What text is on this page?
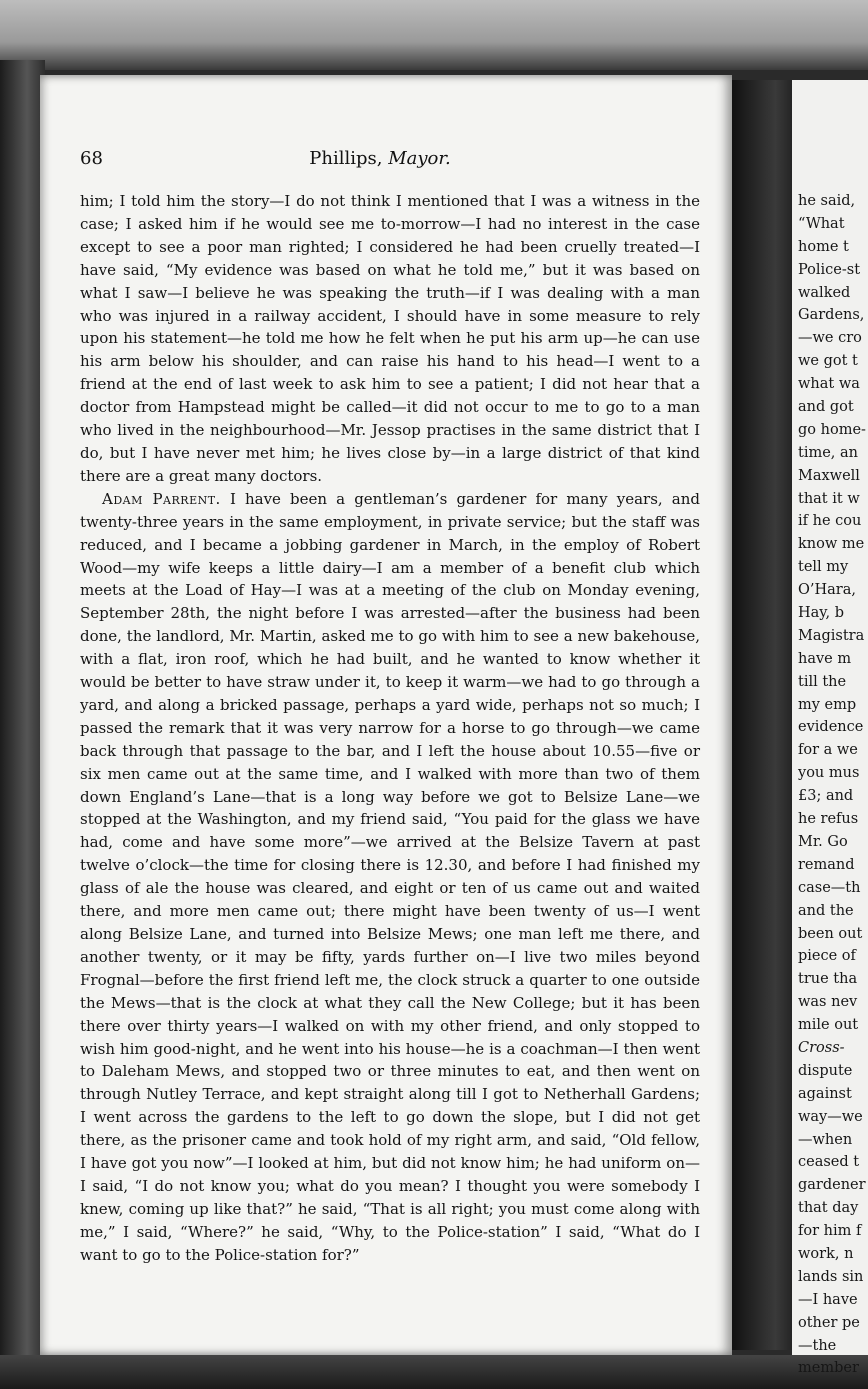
68	Phillips, Mayor.

him; I told him the story—I do not think I mentioned that I was a witness in the case; I asked him if he would see me to-morrow—I had no interest in the case except to see a poor man righted; I considered he had been cruelly treated—I have said, “My evidence was based on what he told me,” but it was based on what I saw—I believe he was speaking the truth—if I was dealing with a man who was injured in a railway accident, I should have in some measure to rely upon his statement—he told me how he felt when he put his arm up—he can use his arm below his shoulder, and can raise his hand to his head—I went to a friend at the end of last week to ask him to see a patient; I did not hear that a doctor from Hampstead might be called—it did not occur to me to go to a man who lived in the neighbourhood—Mr. Jessop practises in the same district that I do, but I have never met him; he lives close by—in a large district of that kind there are a great many doctors.

Adam Parrent. I have been a gentleman’s gardener for many years, and twenty-three years in the same employment, in private service; but the staff was reduced, and I became a jobbing gardener in March, in the employ of Robert Wood—my wife keeps a little dairy—I am a member of a benefit club which meets at the Load of Hay—I was at a meeting of the club on Monday evening, September 28th, the night before I was arrested—after the business had been done, the landlord, Mr. Martin, asked me to go with him to see a new bakehouse, with a flat, iron roof, which he had built, and he wanted to know whether it would be better to have straw under it, to keep it warm—we had to go through a yard, and along a bricked passage, perhaps a yard wide, perhaps not so much; I passed the remark that it was very narrow for a horse to go through—we came back through that passage to the bar, and I left the house about 10.55—five or six men came out at the same time, and I walked with more than two of them down England’s Lane—that is a long way before we got to Belsize Lane—we stopped at the Washington, and my friend said, “You paid for the glass we have had, come and have some more”—we arrived at the Belsize Tavern at past twelve o’clock—the time for closing there is 12.30, and before I had finished my glass of ale the house was cleared, and eight or ten of us came out and waited there, and more men came out; there might have been twenty of us—I went along Belsize Lane, and turned into Belsize Mews; one man left me there, and another twenty, or it may be fifty, yards further on—I live two miles beyond Frognal—before the first friend left me, the clock struck a quarter to one outside the Mews—that is the clock at what they call the New College; but it has been there over thirty years—I walked on with my other friend, and only stopped to wish him good-night, and he went into his house—he is a coachman—I then went to Daleham Mews, and stopped two or three minutes to eat, and then went on through Nutley Terrace, and kept straight along till I got to Netherhall Gardens; I went across the gardens to the left to go down the slope, but I did not get there, as the prisoner came and took hold of my right arm, and said, “Old fellow, I have got you now”—I looked at him, but did not know him; he had uniform on—I said, “I do not know you; what do you mean? I thought you were somebody I knew, coming up like that?” he said, “That is all right; you must come along with me,” I said, “Where?” he said, “Why, to the Police-station” I said, “What do I want to go to the Police-station for?”

he said,
“What
home t
Police-st
walked
Gardens,
—we cro
we got t
what wa
and got
go home-
time, an
Maxwell
that it w
if he cou
know me
tell my
O’Hara,
Hay, b
Magistra
have m
till the
my emp
evidence
for a we
you mus
£3; and
he refus
Mr. Go
remand
case—th
and the
been out
piece of
true tha
was nev
mile out
Cross-
dispute
against
way—we
—when
ceased t
gardener
that day
for him f
work, n
lands sin
—I have
other pe
—the
member
